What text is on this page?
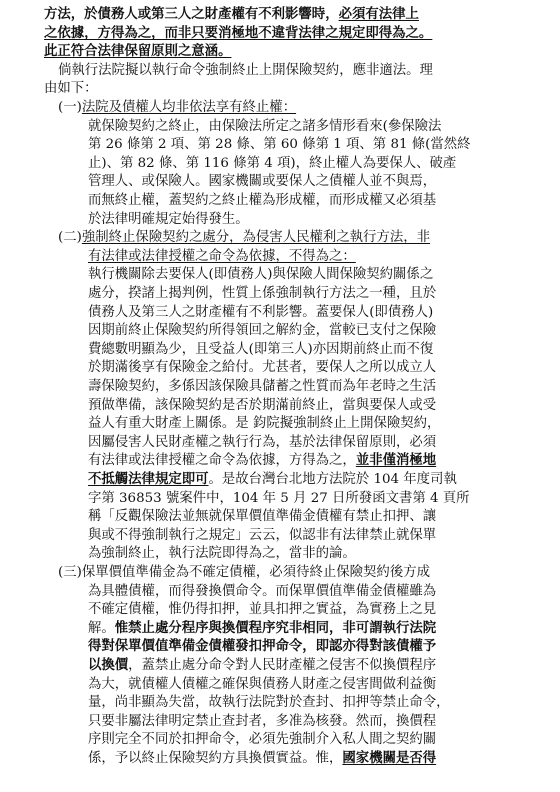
方法，於債務人或第三人之財產權有不利影響時，必須有法律上
之依據，方得為之，而非只要消極地不違背法律之規定即得為之。
此正符合法律保留原則之意涵。
倘執行法院擬以執行命令強制終止上開保險契約，應非適法。理
由如下：
(一)法院及債權人均非依法享有終止權：
就保險契約之終止，由保險法所定之諸多情形看來(參保險法
第 26 條第 2 項、第 28 條、第 60 條第 1 項、第 81 條(當然終
止)、第 82 條、第 116 條第 4 項)，終止權人為要保人、破產
管理人、或保險人。國家機關或要保人之債權人並不與焉，
而無終止權，蓋契約之終止權為形成權，而形成權又必須基
於法律明確規定始得發生。
(二)強制終止保險契約之處分，為侵害人民權利之執行方法，非
有法律或法律授權之命令為依據，不得為之：
執行機關除去要保人(即債務人)與保險人間保險契約關係之
處分，揆諸上揭判例，性質上係強制執行方法之一種，且於
債務人及第三人之財產權有不利影響。蓋要保人(即債務人)
因期前終止保險契約所得領回之解約金，當較已支付之保險
費總數明顯為少，且受益人(即第三人)亦因期前終止而不復
於期滿後享有保險金之給付。尤甚者，要保人之所以成立人
壽保險契約，多係因該保險具儲蓄之性質而為年老時之生活
預做準備，該保險契約是否於期滿前終止，當與要保人或受
益人有重大財產上關係。是 鈞院擬強制終止上開保險契約，
因屬侵害人民財產權之執行行為，基於法律保留原則，必須
有法律或法律授權之命令為依據，方得為之，並非僅消極地
不抵觸法律規定即可。是故台灣台北地方法院於 104 年度司執
字第 36853 號案件中，104 年 5 月 27 日所發函文書第 4 頁所
稱「反觀保險法並無就保單價值準備金債權有禁止扣押、讓
與或不得強制執行之規定」云云，似認非有法律禁止就保單
為強制終止，執行法院即得為之，當非的論。
(三)保單價值準備金為不確定債權，必須待終止保險契約後方成
為具體債權，而得發換價命令。而保單價值準備金債權雖為
不確定債權，惟仍得扣押，並具扣押之實益，為實務上之見
解。惟禁止處分程序與換價程序究非相同，非可謂執行法院
得對保單價值準備金債權發扣押命令，即認亦得對該債權予
以換價，蓋禁止處分命令對人民財產權之侵害不似換價程序
為大，就債權人債權之確保與債務人財產之侵害間做利益衡
量，尚非顯為失當，故執行法院對於查封、扣押等禁止命令，
只要非屬法律明定禁止查封者，多准為核發。然而，換價程
序則完全不同於扣押命令，必須先強制介入私人間之契約關
係，予以終止保險契約方具換價實益。惟，國家機關是否得
